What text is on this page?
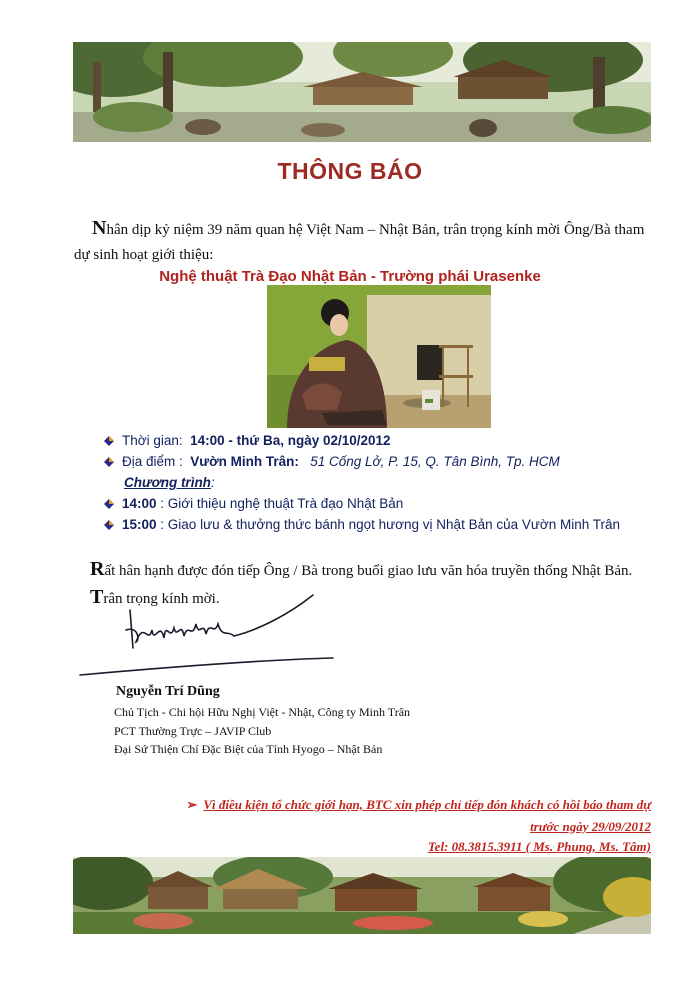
THÔNG BÁO
Nhân dịp kỷ niệm 39 năm quan hệ Việt Nam – Nhật Bản, trân trọng kính mời Ông/Bà tham dự sinh hoạt giới thiệu:
Nghệ thuật Trà Đạo Nhật Bản - Trường phái Urasenke
Thời gian: 14:00 - thứ Ba, ngày 02/10/2012
Địa điểm : Vườn Minh Trân: 51 Cống Lở, P. 15, Q. Tân Bình, Tp. HCM
Chương trình:
14:00 : Giới thiệu nghệ thuật Trà đạo Nhật Bản
15:00 : Giao lưu & thưởng thức bánh ngọt hương vị Nhật Bản của Vườn Minh Trân
Rất hân hạnh được đón tiếp Ông / Bà trong buổi giao lưu văn hóa truyền thống Nhật Bản.
Trân trọng kính mời.
Nguyễn Trí Dũng
Chủ Tịch - Chi hội Hữu Nghị Việt - Nhật, Công ty Minh Trân
PCT Thường Trực – JAVIP Club
Đại Sứ Thiện Chí Đặc Biệt của Tỉnh Hyogo – Nhật Bản
➢ Vì điều kiện tổ chức giới hạn, BTC xin phép chỉ tiếp đón khách có hồi báo tham dự
trước ngày 29/09/2012
Tel: 08.3815.3911 ( Ms. Phung, Ms. Tâm)
